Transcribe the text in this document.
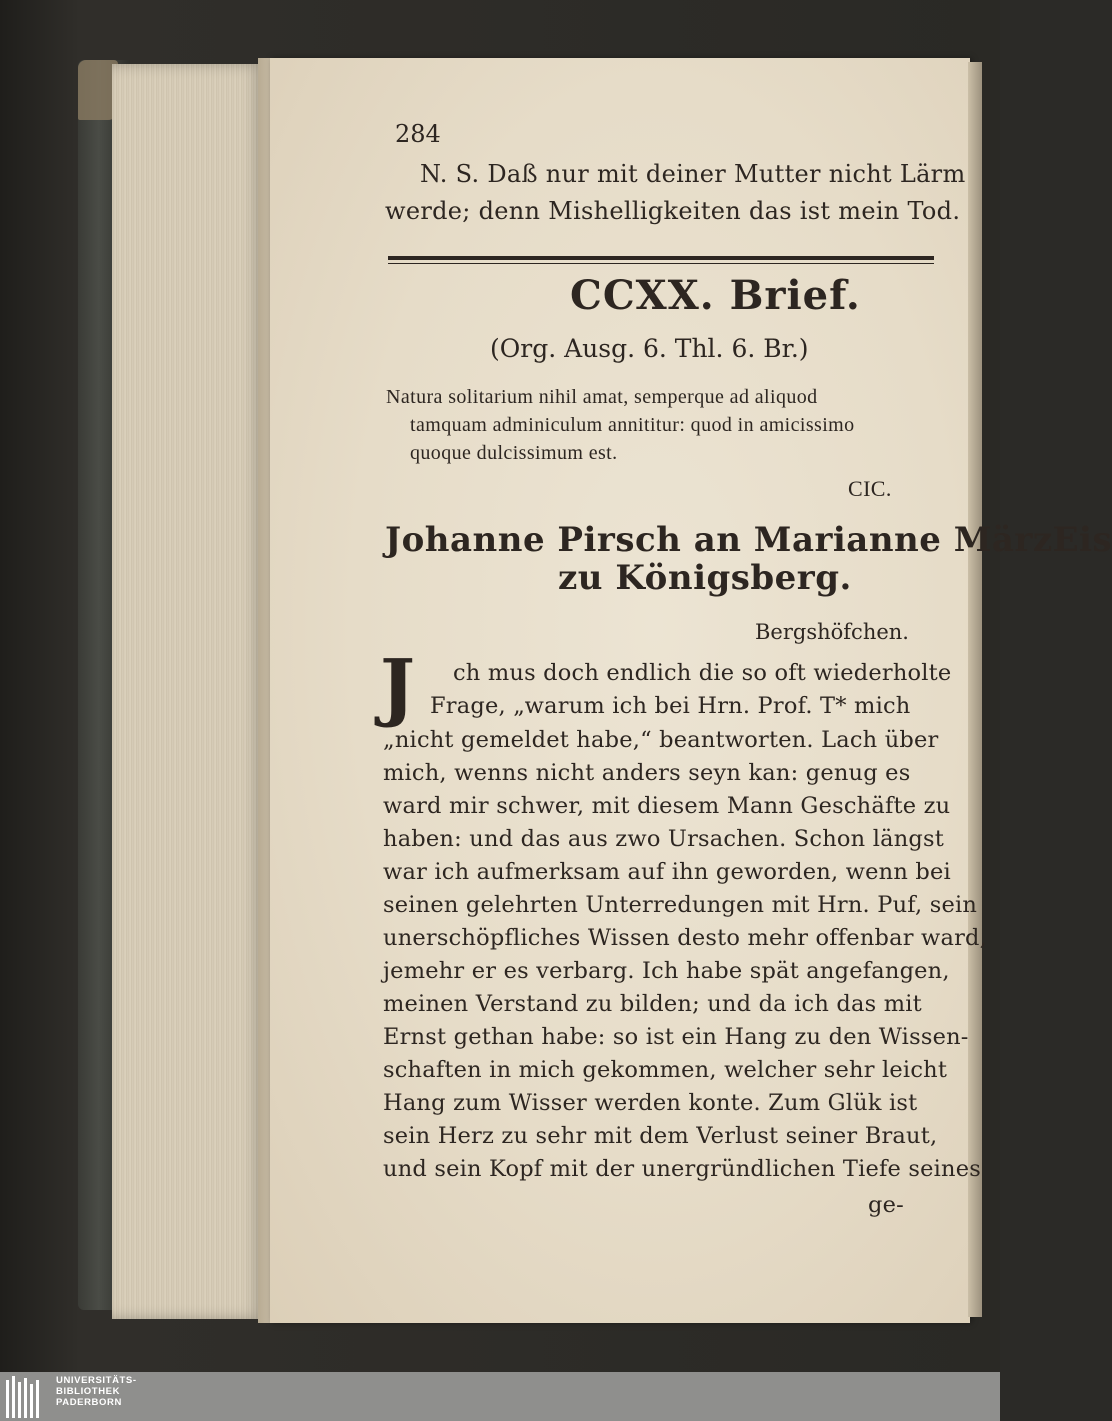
284
N. S. Daß nur mit deiner Mutter nicht Lärm
werde; denn Mishelligkeiten das ist mein Tod.
CCXX. Brief.
(Org. Ausg. 6. Thl. 6. Br.)
Natura solitarium nihil amat, semperque ad aliquod
tamquam adminiculum annititur: quod in amicissimo
quoque dulcissimum est.
CIC.
Johanne Pirsch an Marianne MärzEis
zu Königsberg.
Bergshöfchen.
J ch mus doch endlich die so oft wiederholte
Frage, „warum ich bei Hrn. Prof. T* mich
„nicht gemeldet habe,“ beantworten. Lach über
mich, wenns nicht anders seyn kan: genug es
ward mir schwer, mit diesem Mann Geschäfte zu
haben: und das aus zwo Ursachen. Schon längst
war ich aufmerksam auf ihn geworden, wenn bei
seinen gelehrten Unterredungen mit Hrn. Puf, sein
unerschöpfliches Wissen desto mehr offenbar ward,
jemehr er es verbarg. Ich habe spät angefangen,
meinen Verstand zu bilden; und da ich das mit
Ernst gethan habe: so ist ein Hang zu den Wissen-
schaften in mich gekommen, welcher sehr leicht
Hang zum Wisser werden konte. Zum Glük ist
sein Herz zu sehr mit dem Verlust seiner Braut,
und sein Kopf mit der unergründlichen Tiefe seines
ge-
UNIVERSITÄTS-
BIBLIOTHEK
PADERBORN
